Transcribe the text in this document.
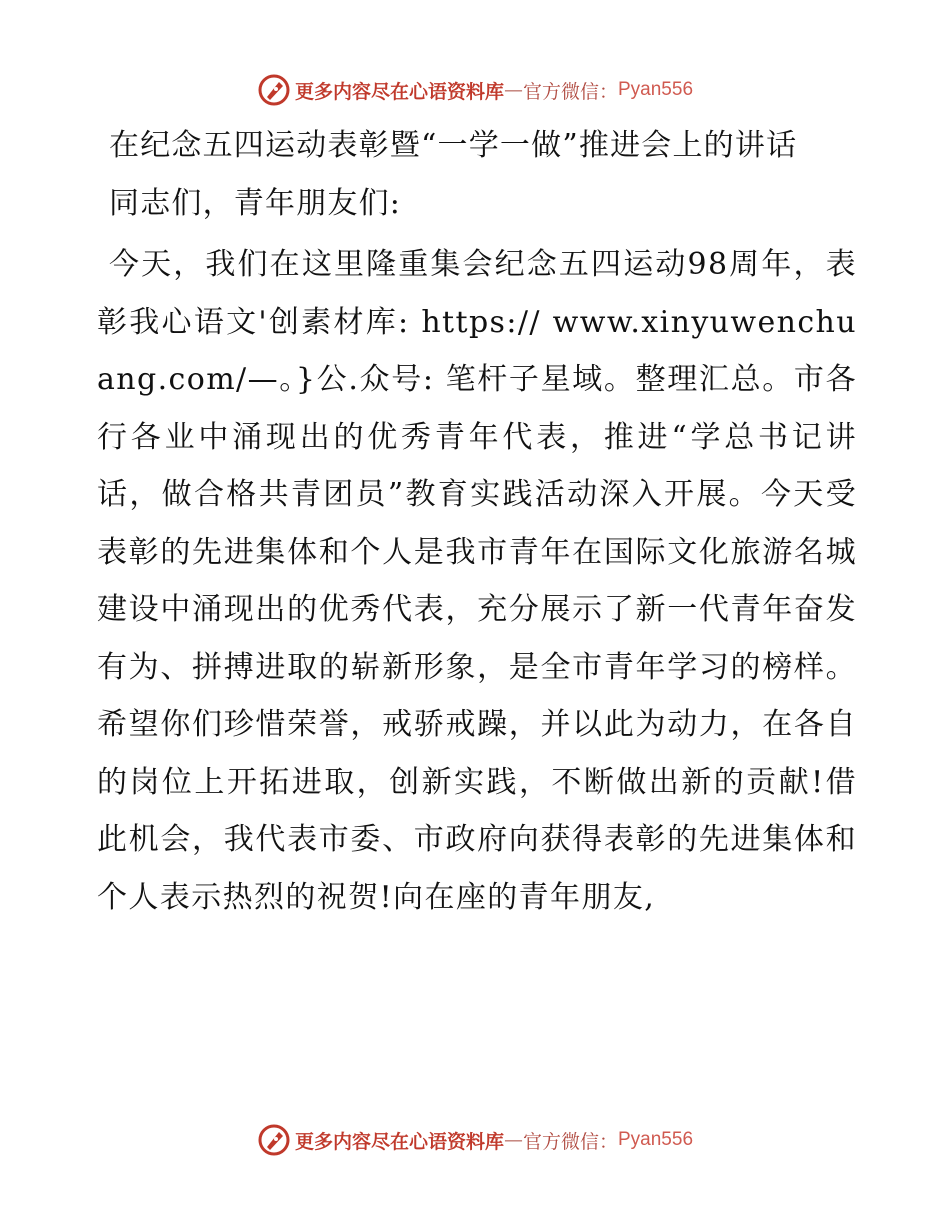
更多内容尽在心语资料库 — 官方微信： Pyan556
在纪念五四运动表彰暨“一学一做”推进会上的讲话

同志们，青年朋友们:

今天，我们在这里隆重集会纪念五四运动98周年，表彰我心语文'创素材库: https:// www.xinyuwenchuang.com/—。}公.众号: 笔杆子星域。整理汇总。市各行各业中涌现出的优秀青年代表，推进“学总书记讲话，做合格共青团员”教育实践活动深入开展。今天受表彰的先进集体和个人是我市青年在国际文化旅游名城建设中涌现出的优秀代表，充分展示了新一代青年奋发有为、拼搏进取的崭新形象，是全市青年学习的榜样。希望你们珍惜荣誉，戒骄戒躁，并以此为动力，在各自的岗位上开拓进取，创新实践，不断做出新的贡献!借此机会，我代表市委、市政府向获得表彰的先进集体和个人表示热烈的祝贺!向在座的青年朋友,

更多内容尽在心语资料库 — 官方微信： Pyan556
